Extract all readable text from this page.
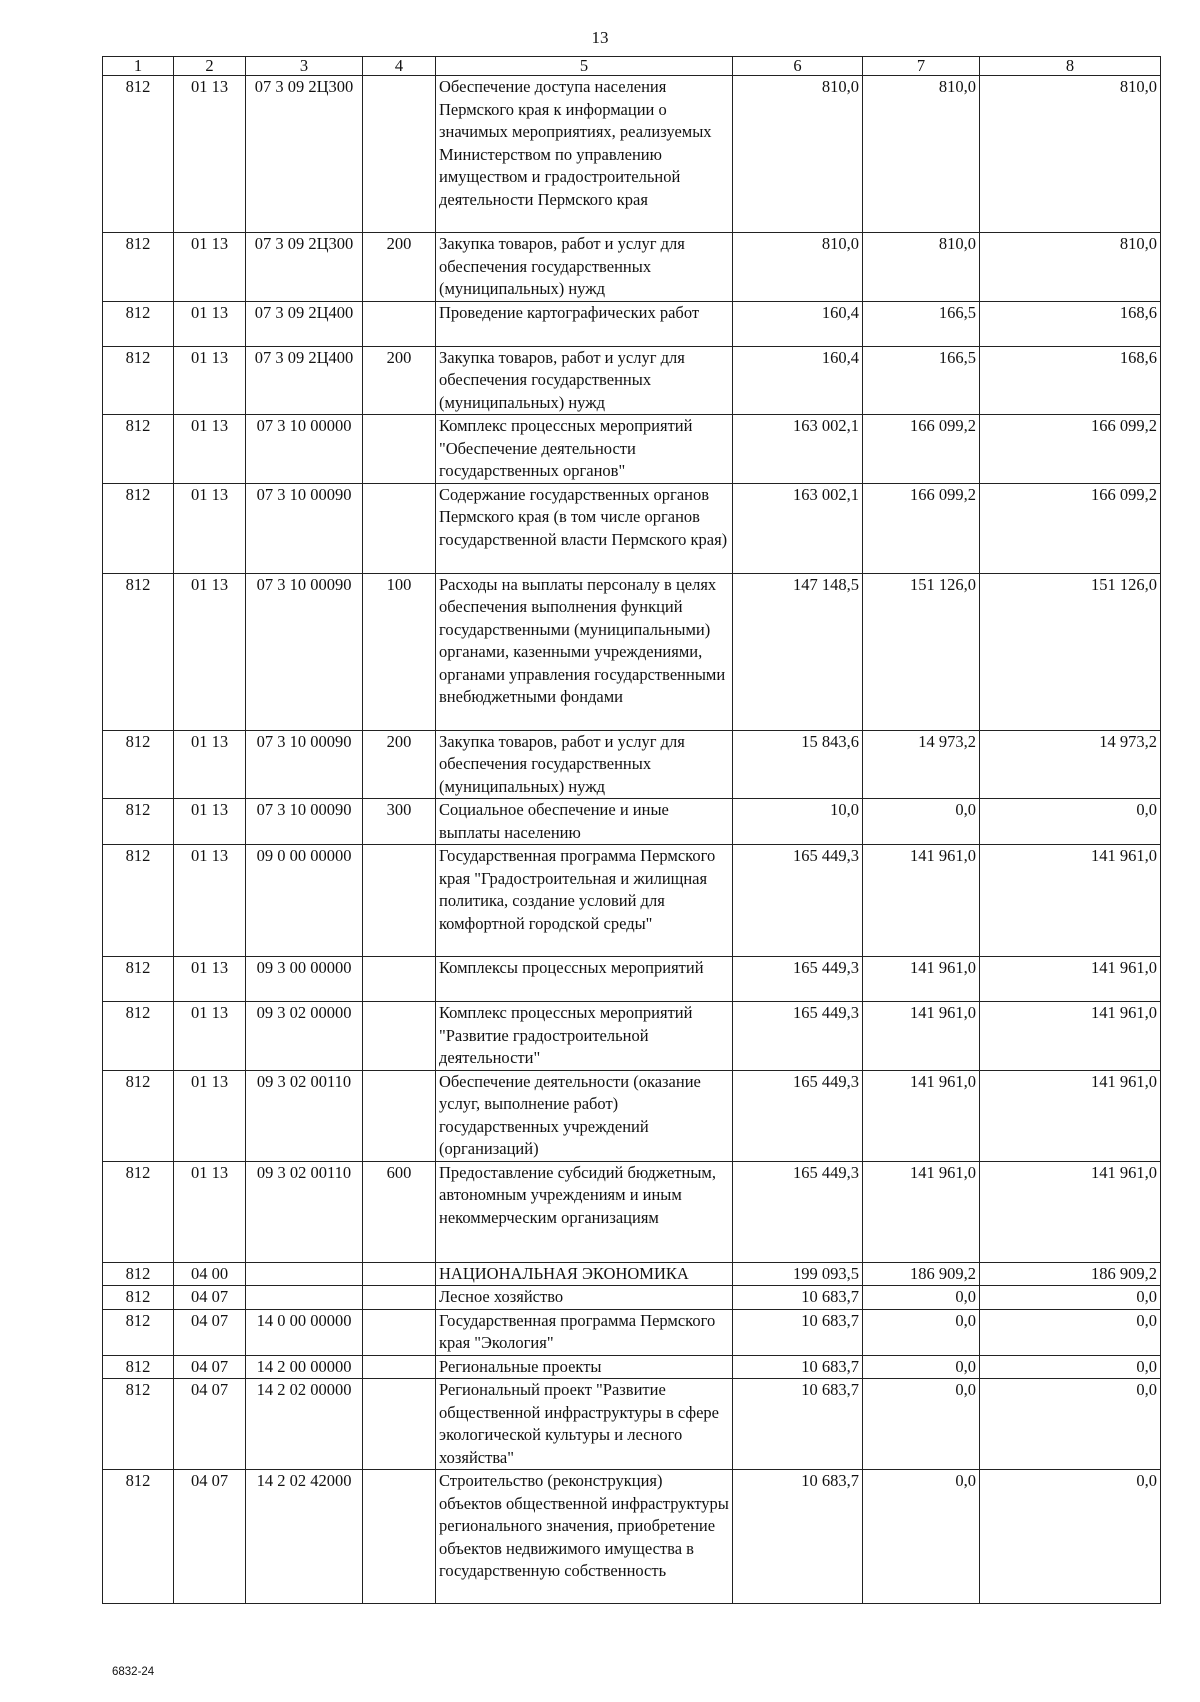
13
1	2	3	4	5	6	7	8
812	01 13	07 3 09 2Ц300		Обеспечение доступа населения Пермского края к информации о значимых мероприятиях, реализуемых Министерством по управлению имуществом и градостроительной деятельности Пермского края	810,0	810,0	810,0
812	01 13	07 3 09 2Ц300	200	Закупка товаров, работ и услуг для обеспечения государственных (муниципальных) нужд	810,0	810,0	810,0
812	01 13	07 3 09 2Ц400		Проведение картографических работ	160,4	166,5	168,6
812	01 13	07 3 09 2Ц400	200	Закупка товаров, работ и услуг для обеспечения государственных (муниципальных) нужд	160,4	166,5	168,6
812	01 13	07 3 10 00000		Комплекс процессных мероприятий "Обеспечение деятельности государственных органов"	163 002,1	166 099,2	166 099,2
812	01 13	07 3 10 00090		Содержание государственных органов Пермского края (в том числе органов государственной власти Пермского края)	163 002,1	166 099,2	166 099,2
812	01 13	07 3 10 00090	100	Расходы на выплаты персоналу в целях обеспечения выполнения функций государственными (муниципальными) органами, казенными учреждениями, органами управления государственными внебюджетными фондами	147 148,5	151 126,0	151 126,0
812	01 13	07 3 10 00090	200	Закупка товаров, работ и услуг для обеспечения государственных (муниципальных) нужд	15 843,6	14 973,2	14 973,2
812	01 13	07 3 10 00090	300	Социальное обеспечение и иные выплаты населению	10,0	0,0	0,0
812	01 13	09 0 00 00000		Государственная программа Пермского края "Градостроительная и жилищная политика, создание условий для комфортной городской среды"	165 449,3	141 961,0	141 961,0
812	01 13	09 3 00 00000		Комплексы процессных мероприятий	165 449,3	141 961,0	141 961,0
812	01 13	09 3 02 00000		Комплекс процессных мероприятий "Развитие градостроительной деятельности"	165 449,3	141 961,0	141 961,0
812	01 13	09 3 02 00110		Обеспечение деятельности (оказание услуг, выполнение работ) государственных учреждений (организаций)	165 449,3	141 961,0	141 961,0
812	01 13	09 3 02 00110	600	Предоставление субсидий бюджетным, автономным учреждениям и иным некоммерческим организациям	165 449,3	141 961,0	141 961,0
812	04 00			НАЦИОНАЛЬНАЯ ЭКОНОМИКА	199 093,5	186 909,2	186 909,2
812	04 07			Лесное хозяйство	10 683,7	0,0	0,0
812	04 07	14 0 00 00000		Государственная программа Пермского края "Экология"	10 683,7	0,0	0,0
812	04 07	14 2 00 00000		Региональные проекты	10 683,7	0,0	0,0
812	04 07	14 2 02 00000		Региональный проект "Развитие общественной инфраструктуры в сфере экологической культуры и лесного хозяйства"	10 683,7	0,0	0,0
812	04 07	14 2 02 42000		Строительство (реконструкция) объектов общественной инфраструктуры регионального значения, приобретение объектов недвижимого имущества в государственную собственность	10 683,7	0,0	0,0
6832-24
